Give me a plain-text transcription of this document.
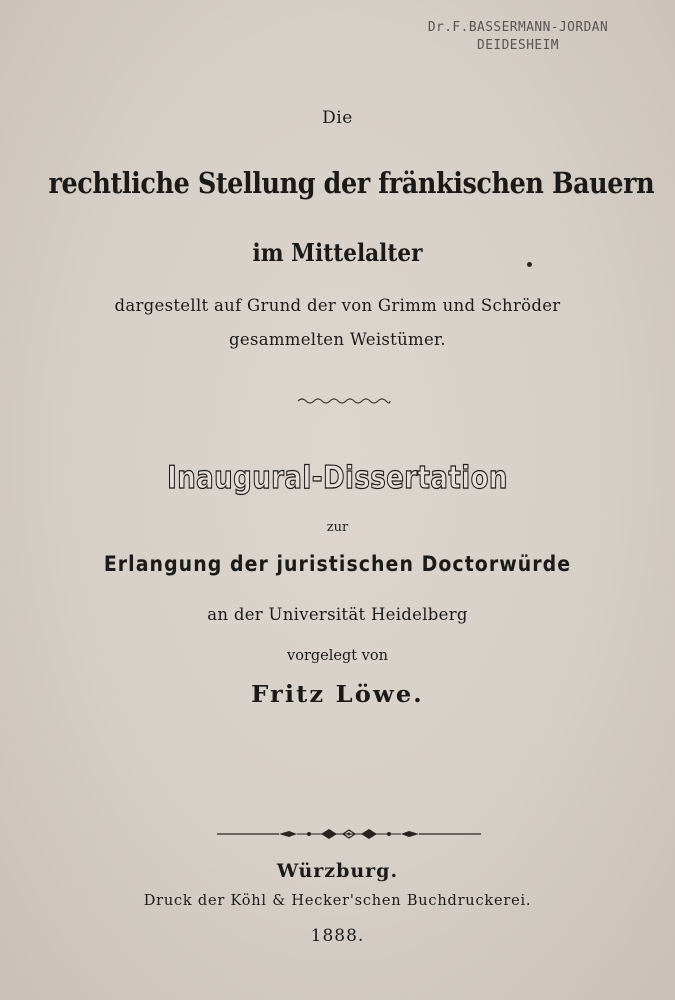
Dr.F.BASSERMANN-JORDAN
DEIDESHEIM
Die
rechtliche Stellung der fränkischen Bauern
im Mittelalter
dargestellt auf Grund der von Grimm und Schröder
gesammelten Weistümer.
Inaugural-Dissertation
zur
Erlangung der juristischen Doctorwürde
an der Universität Heidelberg
vorgelegt von
Fritz Löwe.
Würzburg.
Druck der Köhl & Hecker'schen Buchdruckerei.
1888.
